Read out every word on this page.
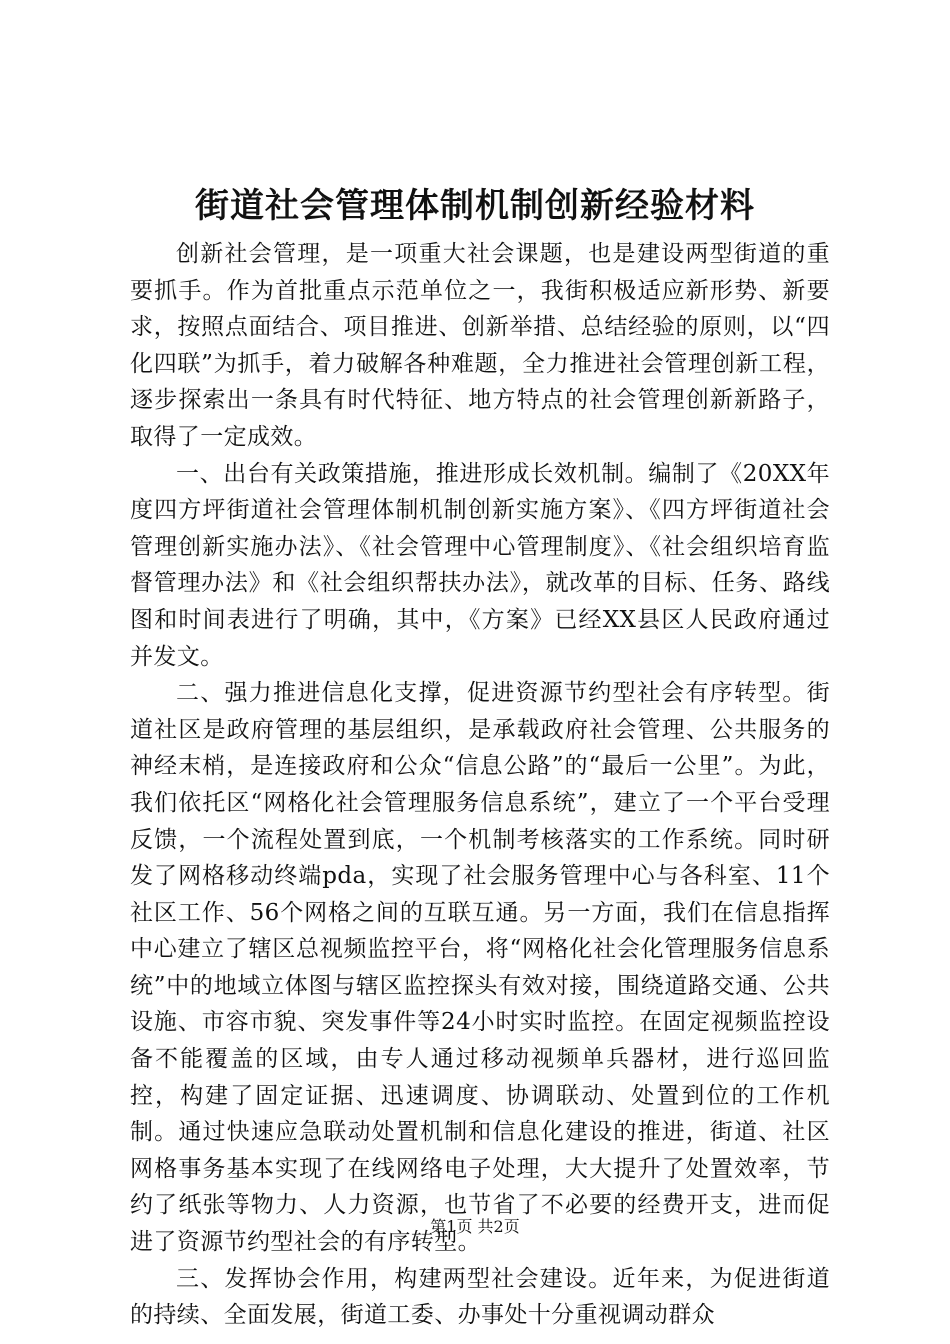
街道社会管理体制机制创新经验材料

创新社会管理，是一项重大社会课题，也是建设两型街道的重要抓手。作为首批重点示范单位之一，我街积极适应新形势、新要求，按照点面结合、项目推进、创新举措、总结经验的原则，以“四化四联”为抓手，着力破解各种难题，全力推进社会管理创新工程，逐步探索出一条具有时代特征、地方特点的社会管理创新新路子，取得了一定成效。

一、出台有关政策措施，推进形成长效机制。编制了《20XX年度四方坪街道社会管理体制机制创新实施方案》、《四方坪街道社会管理创新实施办法》、《社会管理中心管理制度》、《社会组织培育监督管理办法》和《社会组织帮扶办法》，就改革的目标、任务、路线图和时间表进行了明确，其中，《方案》已经XX县区人民政府通过并发文。

二、强力推进信息化支撑，促进资源节约型社会有序转型。街道社区是政府管理的基层组织，是承载政府社会管理、公共服务的神经末梢，是连接政府和公众“信息公路”的“最后一公里”。为此，我们依托区“网格化社会管理服务信息系统”，建立了一个平台受理反馈，一个流程处置到底，一个机制考核落实的工作系统。同时研发了网格移动终端pda，实现了社会服务管理中心与各科室、11个社区工作、56个网格之间的互联互通。另一方面，我们在信息指挥中心建立了辖区总视频监控平台，将“网格化社会化管理服务信息系统”中的地域立体图与辖区监控探头有效对接，围绕道路交通、公共设施、市容市貌、突发事件等24小时实时监控。在固定视频监控设备不能覆盖的区域，由专人通过移动视频单兵器材，进行巡回监控，构建了固定证据、迅速调度、协调联动、处置到位的工作机制。通过快速应急联动处置机制和信息化建设的推进，街道、社区网格事务基本实现了在线网络电子处理，大大提升了处置效率，节约了纸张等物力、人力资源，也节省了不必要的经费开支，进而促进了资源节约型社会的有序转型。

三、发挥协会作用，构建两型社会建设。近年来，为促进街道的持续、全面发展，街道工委、办事处十分重视调动群众

第1页 共2页
